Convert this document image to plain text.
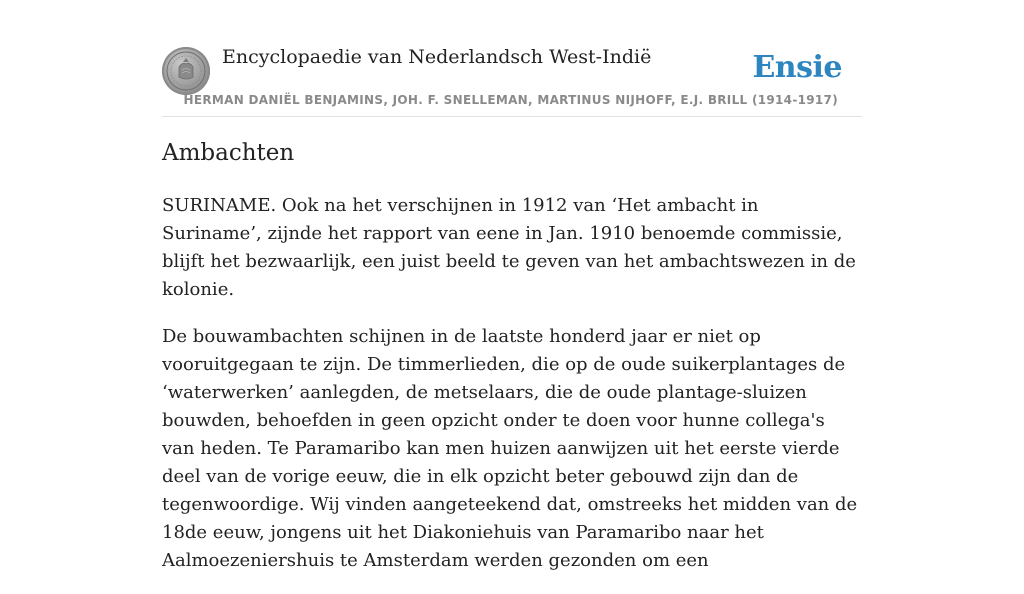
Encyclopaedie van Nederlandsch West-Indië	Ensie
HERMAN DANIËL BENJAMINS, JOH. F. SNELLEMAN, MARTINUS NIJHOFF, E.J. BRILL (1914-1917)
Ambachten

SURINAME. Ook na het verschijnen in 1912 van ‘Het ambacht in Suriname’, zijnde het rapport van eene in Jan. 1910 benoemde commissie, blijft het bezwaarlijk, een juist beeld te geven van het ambachtswezen in de kolonie.

De bouwambachten schijnen in de laatste honderd jaar er niet op vooruitgegaan te zijn. De timmerlieden, die op de oude suikerplantages de ‘waterwerken’ aanlegden, de metselaars, die de oude plantage-sluizen bouwden, behoefden in geen opzicht onder te doen voor hunne collega's van heden. Te Paramaribo kan men huizen aanwijzen uit het eerste vierde deel van de vorige eeuw, die in elk opzicht beter gebouwd zijn dan de tegenwoordige. Wij vinden aangeteekend dat, omstreeks het midden van de 18de eeuw, jongens uit het Diakoniehuis van Paramaribo naar het Aalmoezeniershuis te Amsterdam werden gezonden om een
